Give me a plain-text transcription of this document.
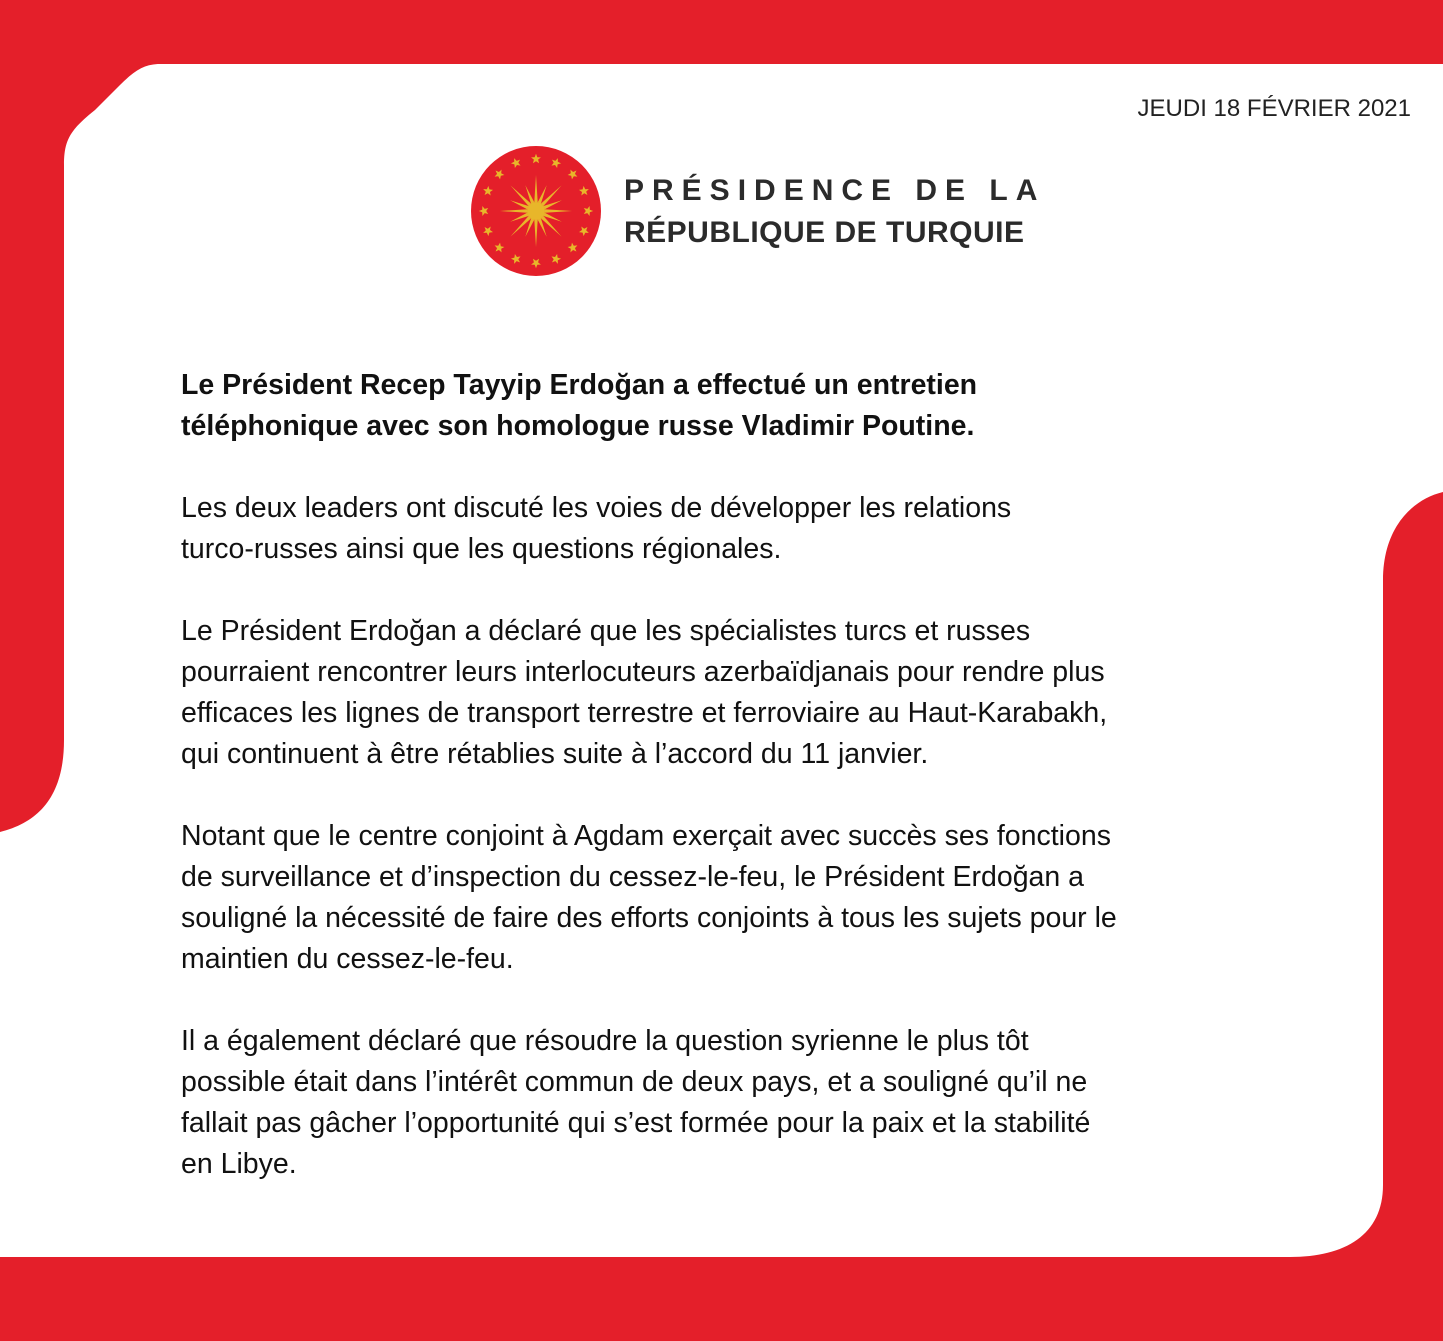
JEUDI 18 FÉVRIER 2021

PRÉSIDENCE DE LA
RÉPUBLIQUE DE TURQUIE

Le Président Recep Tayyip Erdoğan a effectué un entretien
téléphonique avec son homologue russe Vladimir Poutine.

Les deux leaders ont discuté les voies de développer les relations
turco-russes ainsi que les questions régionales.

Le Président Erdoğan a déclaré que les spécialistes turcs et russes
pourraient rencontrer leurs interlocuteurs azerbaïdjanais pour rendre plus
efficaces les lignes de transport terrestre et ferroviaire au Haut-Karabakh,
qui continuent à être rétablies suite à l’accord du 11 janvier.

Notant que le centre conjoint à Agdam exerçait avec succès ses fonctions
de surveillance et d’inspection du cessez-le-feu, le Président Erdoğan a
souligné la nécessité de faire des efforts conjoints à tous les sujets pour le
maintien du cessez-le-feu.

Il a également déclaré que résoudre la question syrienne le plus tôt
possible était dans l’intérêt commun de deux pays, et a souligné qu’il ne
fallait pas gâcher l’opportunité qui s’est formée pour la paix et la stabilité
en Libye.
